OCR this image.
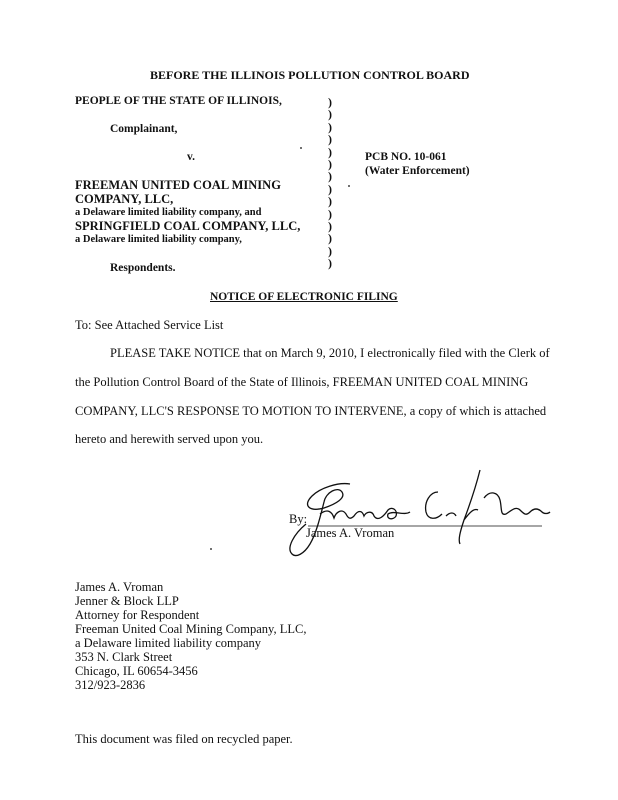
BEFORE THE ILLINOIS POLLUTION CONTROL BOARD
PEOPLE OF THE STATE OF ILLINOIS,
Complainant,
v.
FREEMAN UNITED COAL MINING
COMPANY, LLC,
a Delaware limited liability company, and
SPRINGFIELD COAL COMPANY, LLC,
a Delaware limited liability company,
Respondents.
)
)
)
)
)
)
)
)
)
)
)
)
)
)
PCB NO. 10-061
(Water Enforcement)
NOTICE OF ELECTRONIC FILING
To: See Attached Service List
PLEASE TAKE NOTICE that on March 9, 2010, I electronically filed with the Clerk of
the Pollution Control Board of the State of Illinois, FREEMAN UNITED COAL MINING
COMPANY, LLC'S RESPONSE TO MOTION TO INTERVENE, a copy of which is attached
hereto and herewith served upon you.
By:
James A. Vroman
James A. Vroman
Jenner & Block LLP
Attorney for Respondent
Freeman United Coal Mining Company, LLC,
a Delaware limited liability company
353 N. Clark Street
Chicago, IL 60654-3456
312/923-2836
This document was filed on recycled paper.
